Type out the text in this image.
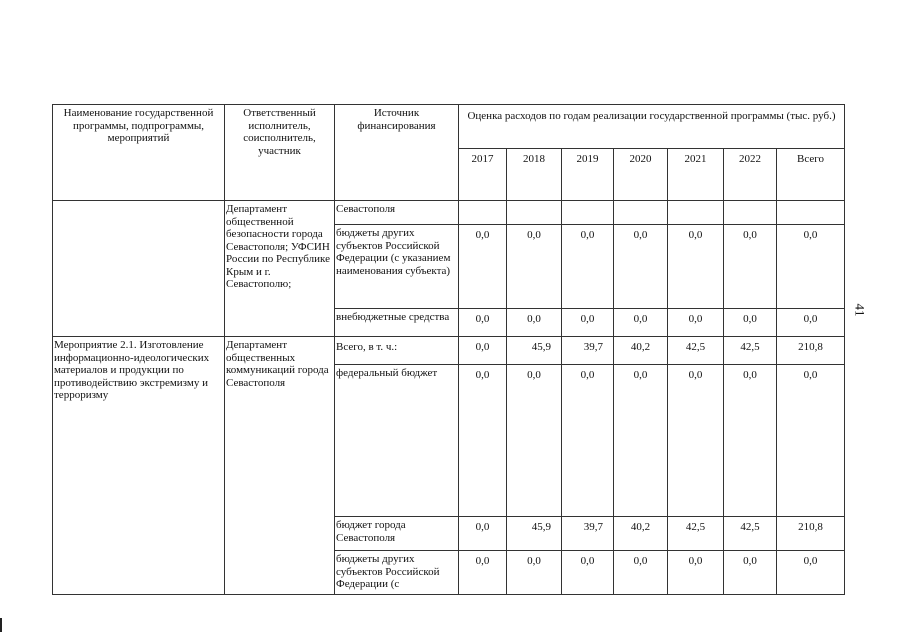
Наименование государственной программы, подпрограммы, мероприятий	Ответственный исполнитель, соисполнитель, участник	Источник финансирования	Оценка расходов по годам реализации государственной программы (тыс. руб.)						
			2017	2018	2019	2020	2021	2022	Всего
	Департамент общественной безопасности города Севастополя; УФСИН России по Республике Крым и г. Севастополю;	Севастополя							
		бюджеты других субъектов Российской Федерации (с указанием наименования субъекта)	0,0	0,0	0,0	0,0	0,0	0,0	0,0
		внебюджетные средства	0,0	0,0	0,0	0,0	0,0	0,0	0,0
Мероприятие 2.1. Изготовление информационно-идеологических материалов и продукции по противодействию экстремизму и терроризму	Департамент общественных коммуникаций города Севастополя	Всего, в т. ч.:	0,0	45,9	39,7	40,2	42,5	42,5	210,8
		федеральный бюджет	0,0	0,0	0,0	0,0	0,0	0,0	0,0
		бюджет города Севастополя	0,0	45,9	39,7	40,2	42,5	42,5	210,8
		бюджеты других субъектов Российской Федерации (с	0,0	0,0	0,0	0,0	0,0	0,0	0,0
41
